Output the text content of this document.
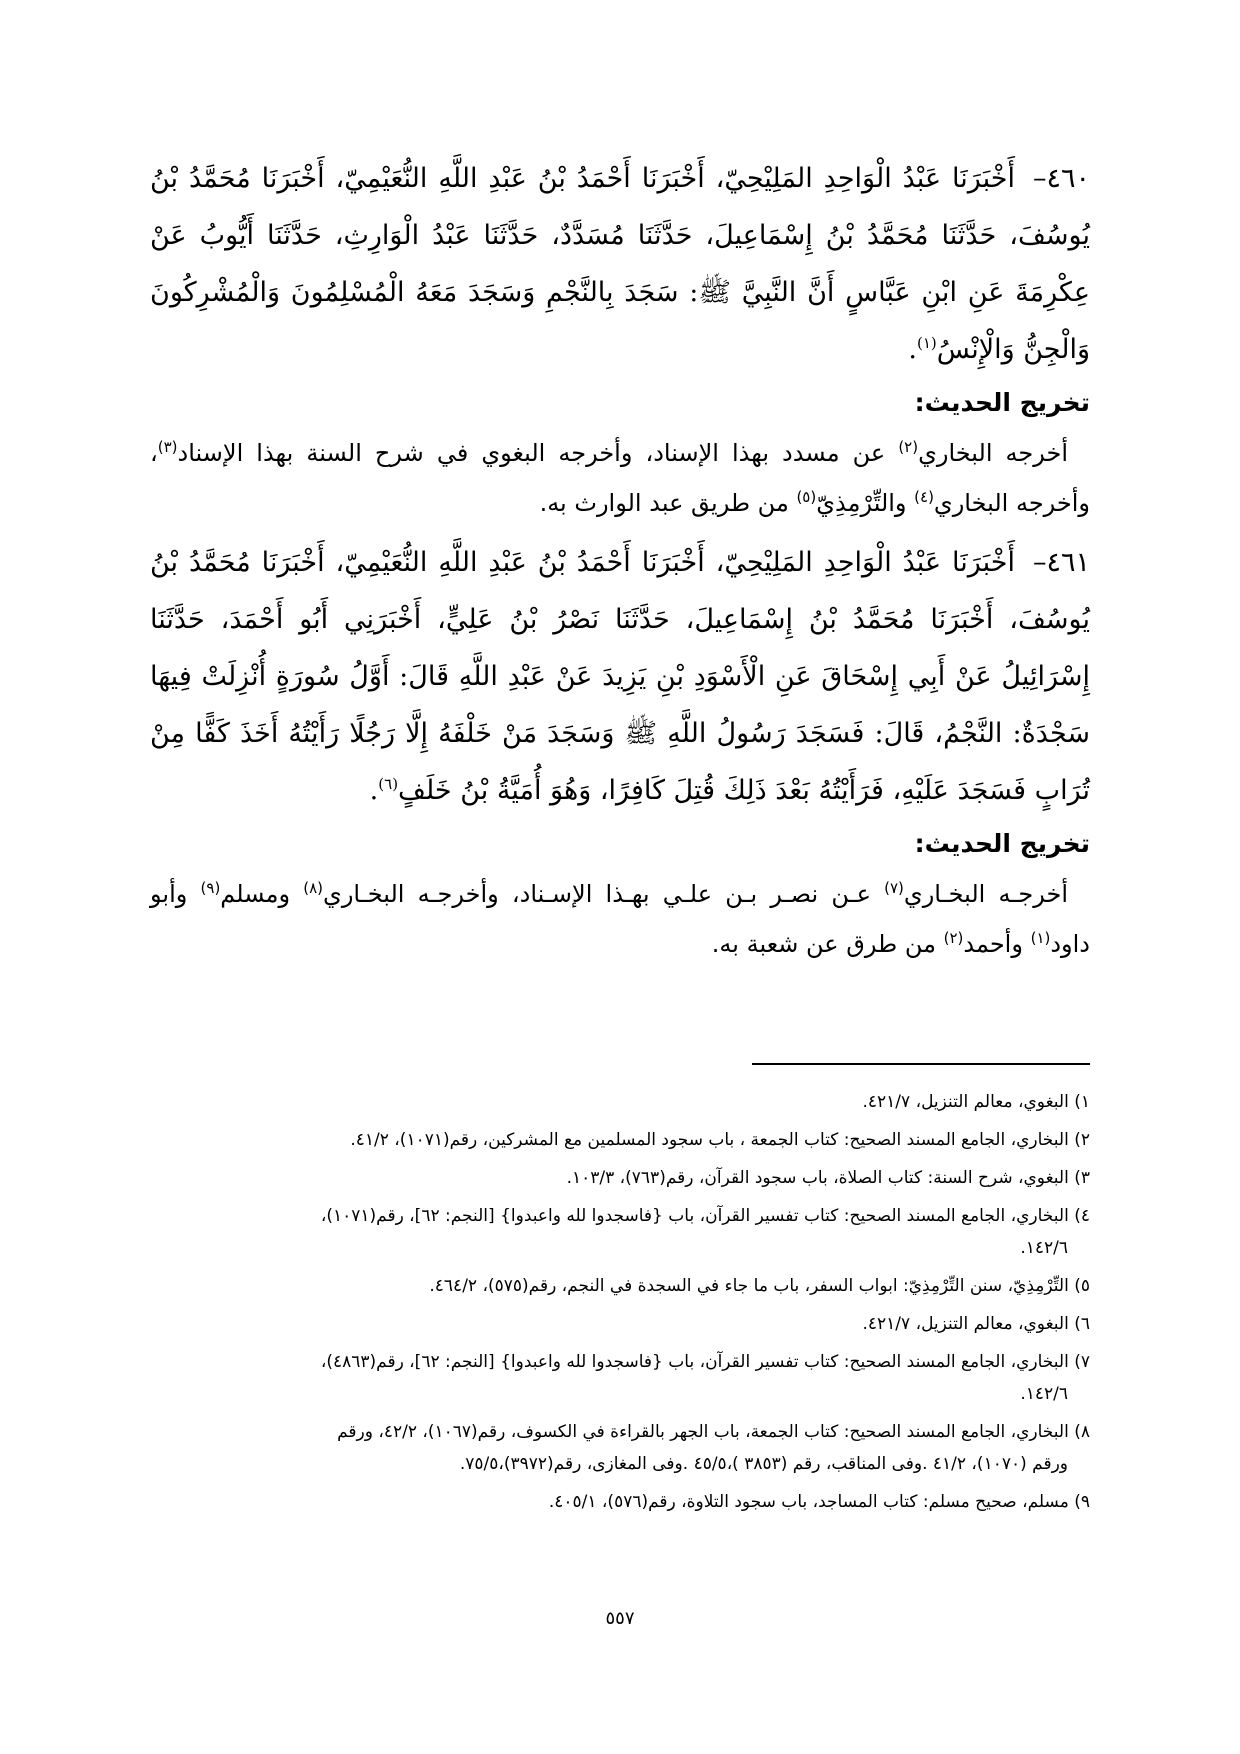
٤٦٠–أَخْبَرَنَا عَبْدُ الْوَاحِدِ المَلِيْحِيّ، أَخْبَرَنَا أَحْمَدُ بْنُ عَبْدِ اللَّهِ النُّعَيْمِيّ، أَخْبَرَنَا مُحَمَّدُ بْنُ يُوسُفَ، حَدَّثَنَا مُحَمَّدُ بْنُ إِسْمَاعِيلَ، حَدَّثَنَا مُسَدَّدٌ، حَدَّثَنَا عَبْدُ الْوَارِثِ، حَدَّثَنَا أَيُّوبُ عَنْ عِكْرِمَةَ عَنِ ابْنِ عَبَّاسٍ أَنَّ النَّبِيَّ ﷺ: سَجَدَ بِالنَّجْمِ وَسَجَدَ مَعَهُ الْمُسْلِمُونَ وَالْمُشْرِكُونَ وَالْجِنُّ وَالْإِنْسُ$^{(١)}$.

تخريج الحديث:

أخرجه البخاري$^{(٢)}$ عن مسدد بهذا الإسناد، وأخرجه البغوي في شرح السنة بهذا الإسناد$^{(٣)}$، وأخرجه البخاري$^{(٤)}$ والتِّرْمِذِيّ$^{(٥)}$ من طريق عبد الوارث به.

٤٦١–أَخْبَرَنَا عَبْدُ الْوَاحِدِ المَلِيْحِيّ، أَخْبَرَنَا أَحْمَدُ بْنُ عَبْدِ اللَّهِ النُّعَيْمِيّ، أَخْبَرَنَا مُحَمَّدُ بْنُ يُوسُفَ، أَخْبَرَنَا مُحَمَّدُ بْنُ إِسْمَاعِيلَ، حَدَّثَنَا نَصْرُ بْنُ عَلِيٍّ، أَخْبَرَنِي أَبُو أَحْمَدَ، حَدَّثَنَا إِسْرَائِيلُ عَنْ أَبِي إِسْحَاقَ عَنِ الْأَسْوَدِ بْنِ يَزِيدَ عَنْ عَبْدِ اللَّهِ قَالَ: أَوَّلُ سُورَةٍ أُنْزِلَتْ فِيهَا سَجْدَةٌ: النَّجْمُ، قَالَ: فَسَجَدَ رَسُولُ اللَّهِ ﷺ وَسَجَدَ مَنْ خَلْفَهُ إِلَّا رَجُلًا رَأَيْتُهُ أَخَذَ كَفًّا مِنْ تُرَابٍ فَسَجَدَ عَلَيْهِ، فَرَأَيْتُهُ بَعْدَ ذَلِكَ قُتِلَ كَافِرًا، وَهُوَ أُمَيَّةُ بْنُ خَلَفٍ$^{(٦)}$.

تخريج الحديث:

أخرجـه البخـاري$^{(٧)}$ عـن نصـر بـن علـي بهـذا الإسـناد، وأخرجـه البخـاري$^{(٨)}$ ومسلم$^{(٩)}$ وأبو داود$^{(١)}$ وأحمد$^{(٢)}$ من طرق عن شعبة به.

١) البغوي، معالم التنزيل، ٤٢١/٧.
٢) البخاري، الجامع المسند الصحيح: كتاب الجمعة ، باب سجود المسلمين مع المشركين، رقم(١٠٧١)، ٤١/٢.
٣) البغوي، شرح السنة: كتاب الصلاة، باب سجود القرآن، رقم(٧٦٣)، ١٠٣/٣.
٤) البخاري، الجامع المسند الصحيح: كتاب تفسير القرآن، باب {فاسجدوا لله واعبدوا} [النجم: ٦٢]، رقم(١٠٧١)،
١٤٢/٦.
٥) التِّرْمِذِيّ، سنن التِّرْمِذِيّ: ابواب السفر، باب ما جاء في السجدة في النجم، رقم(٥٧٥)، ٤٦٤/٢.
٦) البغوي، معالم التنزيل، ٤٢١/٧.
٧) البخاري، الجامع المسند الصحيح: كتاب تفسير القرآن، باب {فاسجدوا لله واعبدوا} [النجم: ٦٢]، رقم(٤٨٦٣)،
١٤٢/٦.
٨) البخاري، الجامع المسند الصحيح: كتاب الجمعة، باب الجهر بالقراءة في الكسوف، رقم(١٠٦٧)، ٤٢/٢، ورقم
ورقم (١٠٧٠)، ٤١/٢ .وفى المناقب، رقم (٣٨٥٣ )،٤٥/٥ .وفى المغازى، رقم(٣٩٧٢)،٧٥/٥.
٩) مسلم، صحيح مسلم: كتاب المساجد، باب سجود التلاوة، رقم(٥٧٦)، ٤٠٥/١.
٥٥٧
